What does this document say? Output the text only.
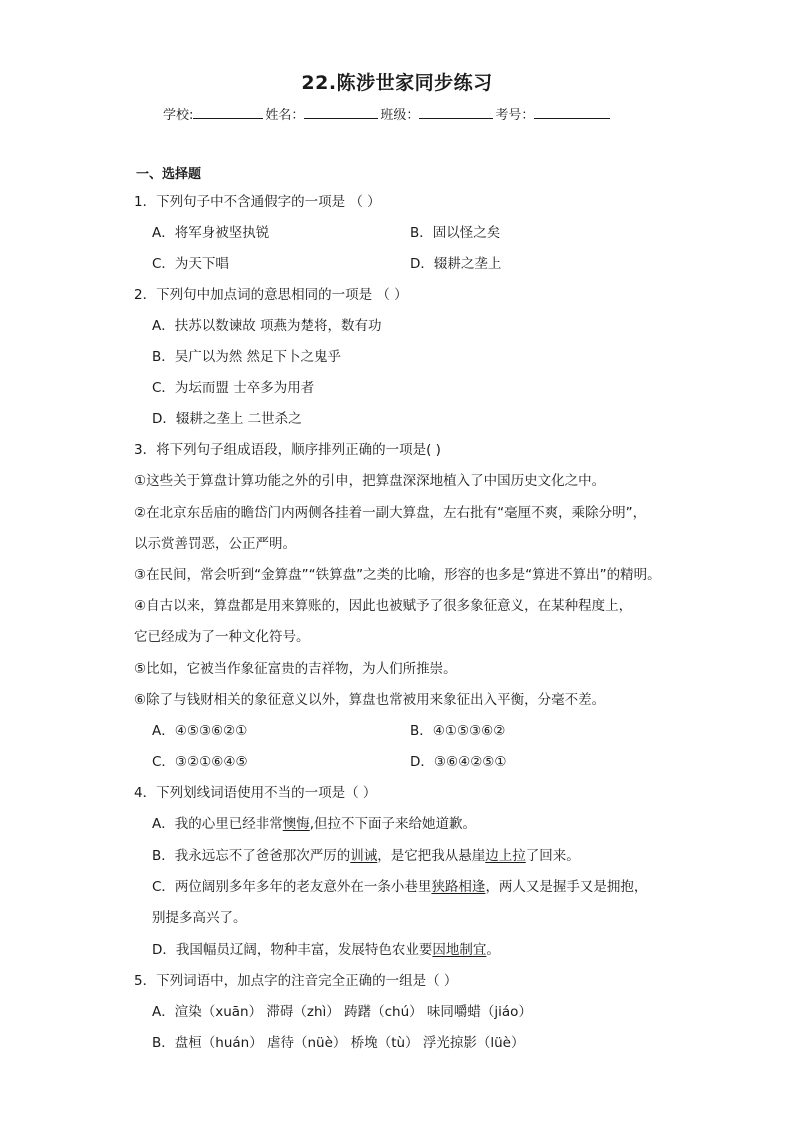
22.陈涉世家同步练习
学校:	姓名：	班级：	考号：
一、选择题
1．下列句子中不含通假字的一项是 （ ）
A．将军身被坚执锐	B．固以怪之矣
C．为天下唱	D．辍耕之垄上
2．下列句中加点词的意思相同的一项是 （ ）
A．扶苏以数谏故 项燕为楚将，数有功
B．吴广以为然 然足下卜之鬼乎
C．为坛而盟 士卒多为用者
D．辍耕之垄上 二世杀之
3．将下列句子组成语段，顺序排列正确的一项是( )
①这些关于算盘计算功能之外的引申，把算盘深深地植入了中国历史文化之中。
②在北京东岳庙的瞻岱门内两侧各挂着一副大算盘，左右批有“毫厘不爽，乘除分明”，
以示赏善罚恶，公正严明。
③在民间，常会听到“金算盘”“铁算盘”之类的比喻，形容的也多是“算进不算出”的精明。
④自古以来，算盘都是用来算账的，因此也被赋予了很多象征意义，在某种程度上，
它已经成为了一种文化符号。
⑤比如，它被当作象征富贵的吉祥物，为人们所推崇。
⑥除了与钱财相关的象征意义以外，算盘也常被用来象征出入平衡，分毫不差。
A．④⑤③⑥②①	B．④①⑤③⑥②
C．③②①⑥④⑤	D．③⑥④②⑤①
4．下列划线词语使用不当的一项是（ ）
A．我的心里已经非常懊悔,但拉不下面子来给她道歉。
B．我永远忘不了爸爸那次严厉的训诫，是它把我从悬崖边上拉了回来。
C．两位阔别多年多年的老友意外在一条小巷里狭路相逢，两人又是握手又是拥抱，
别提多高兴了。
D．我国幅员辽阔，物种丰富，发展特色农业要因地制宜。
5．下列词语中，加点字的注音完全正确的一组是（ ）
A．渲染（xuān） 滞碍（zhì） 踌躇（chú） 味同嚼蜡（jiáo）
B．盘桓（huán） 虐待（nüè） 桥堍（tù） 浮光掠影（lüè）
